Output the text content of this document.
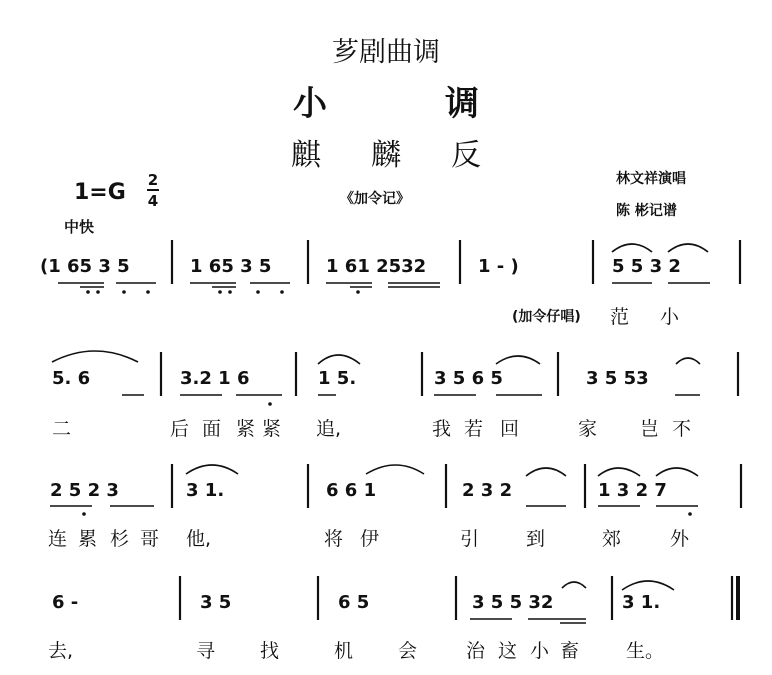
芗剧曲调
小调
麒麟反
1=G 2
4	《加令记》
中快
林文祥演唱
陈 彬记谱
(1 65 3 5	1 65 3 5	1 61 2532	1 - )	5 5 3 2
(加令仔唱) 范 小
5. 6	3.2 1 6	1 5.	3 5 6 5	3 5 53
二	后 面 紧 紧 追,	我 若 回	家 岂 不
2 5 2 3	3 1.	6 6 1	2 3 2	1 3 2 7
连 累 杉 哥 他,	将 伊	引 到	郊	外
6 -	3 5	6 5	3 5 5 32	3 1.
去,	寻 找	机 会	治 这 小 畜 生。
